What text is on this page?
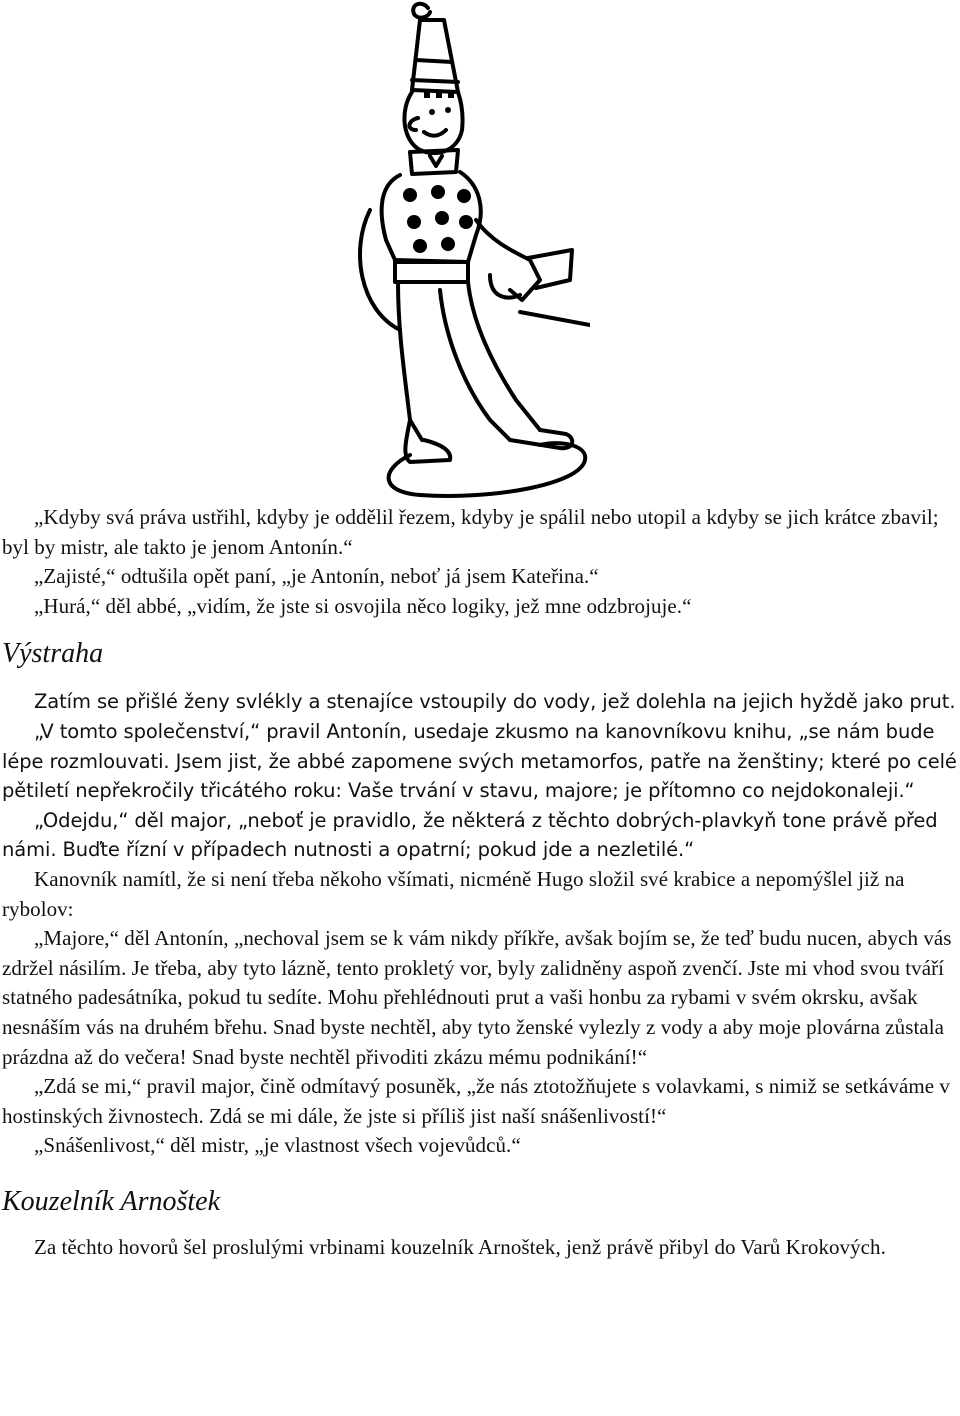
„Kdyby svá práva ustřihl, kdyby je oddělil řezem, kdyby je spálil nebo utopil a kdyby se jich krátce zbavil; byl by mistr, ale takto je jenom Antonín.“

„Zajisté,“ odtušila opět paní, „je Antonín, neboť já jsem Kateřina.“

„Hurá,“ děl abbé, „vidím, že jste si osvojila něco logiky, jež mne odzbrojuje.“

Výstraha

Zatím se přišlé ženy svlékly a stenajíce vstoupily do vody, jež dolehla na jejich hyždě jako prut.

„V tomto společenství,“ pravil Antonín, usedaje zkusmo na kanovníkovu knihu, „se nám bude lépe rozmlouvati. Jsem jist, že abbé zapomene svých metamorfos, patře na ženštiny; které po celé pětiletí nepřekročily třicátého roku: Vaše trvání v stavu, majore; je přítomno co nejdokonaleji.“

„Odejdu,“ děl major, „neboť je pravidlo, že některá z těchto dobrých-plavkyň tone právě před námi. Buďte řízní v případech nutnosti a opatrní; pokud jde a nezletilé.“

Kanovník namítl, že si není třeba někoho všímati, nicméně Hugo složil své krabice a nepomýšlel již na rybolov:

„Majore,“ děl Antonín, „nechoval jsem se k vám nikdy příkře, avšak bojím se, že teď budu nucen, abych vás zdržel násilím. Je třeba, aby tyto lázně, tento prokletý vor, byly zalidněny aspoň zvenčí. Jste mi vhod svou tváří statného padesátníka, pokud tu sedíte. Mohu přehlédnouti prut a vaši honbu za rybami v svém okrsku, avšak nesnáším vás na druhém břehu. Snad byste nechtěl, aby tyto ženské vylezly z vody a aby moje plovárna zůstala prázdna až do večera! Snad byste nechtěl přivoditi zkázu mému podnikání!“

„Zdá se mi,“ pravil major, čině odmítavý posuněk, „že nás ztotožňujete s volavkami, s nimiž se setkáváme v hostinských živnostech. Zdá se mi dále, že jste si příliš jist naší snášenlivostí!“

„Snášenlivost,“ děl mistr, „je vlastnost všech vojevůdců.“

Kouzelník Arnoštek

Za těchto hovorů šel proslulými vrbinami kouzelník Arnoštek, jenž právě přibyl do Varů Krokových.
